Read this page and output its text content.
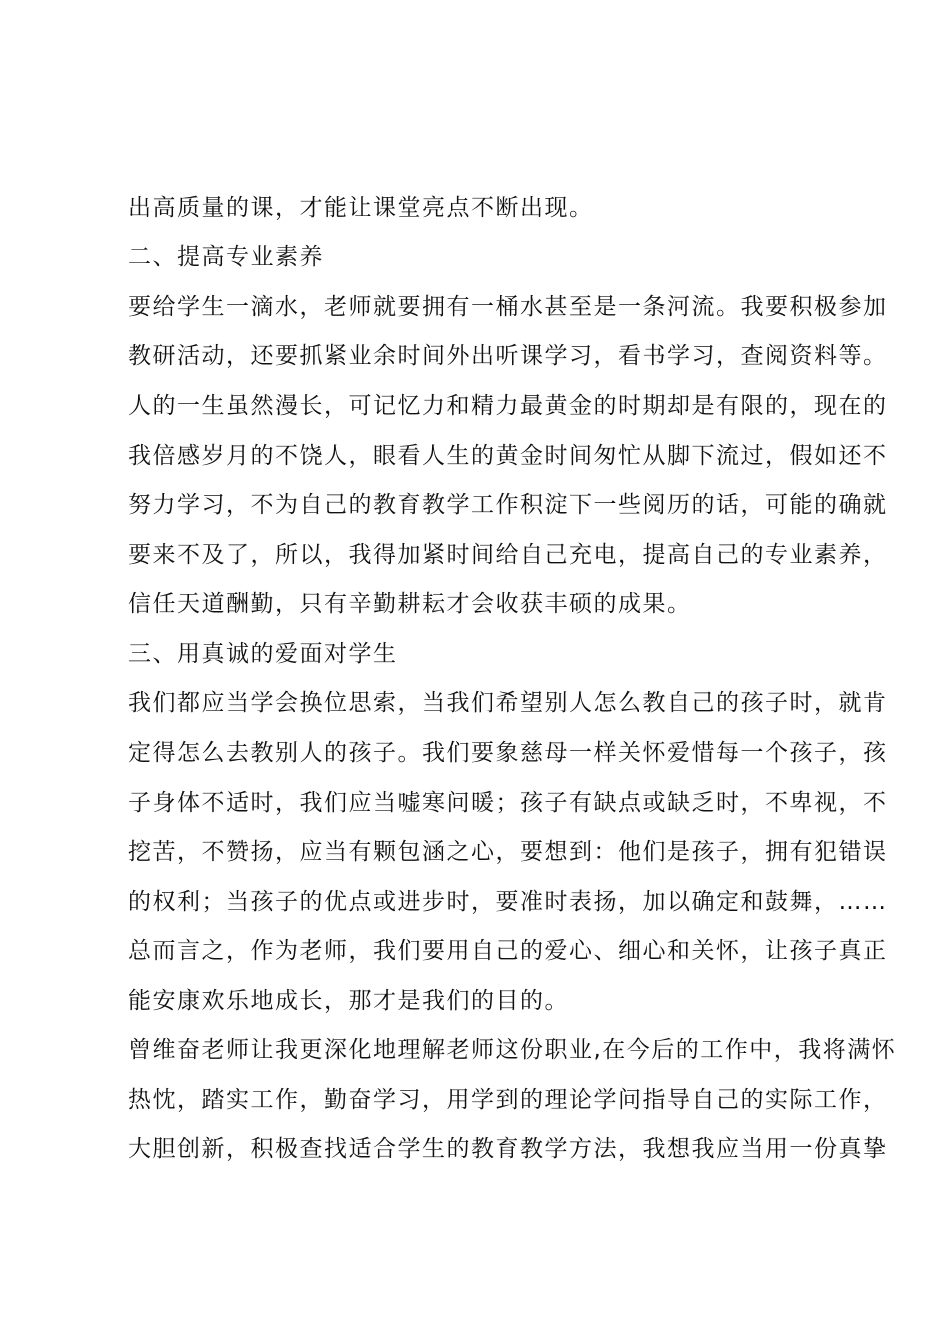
出高质量的课，才能让课堂亮点不断出现。
二、提高专业素养
要给学生一滴水，老师就要拥有一桶水甚至是一条河流。我要积极参加
教研活动，还要抓紧业余时间外出听课学习，看书学习，查阅资料等。
人的一生虽然漫长，可记忆力和精力最黄金的时期却是有限的，现在的
我倍感岁月的不饶人，眼看人生的黄金时间匆忙从脚下流过，假如还不
努力学习，不为自己的教育教学工作积淀下一些阅历的话，可能的确就
要来不及了，所以，我得加紧时间给自己充电，提高自己的专业素养，
信任天道酬勤，只有辛勤耕耘才会收获丰硕的成果。
三、用真诚的爱面对学生
我们都应当学会换位思索，当我们希望别人怎么教自己的孩子时，就肯
定得怎么去教别人的孩子。我们要象慈母一样关怀爱惜每一个孩子，孩
子身体不适时，我们应当嘘寒问暖；孩子有缺点或缺乏时，不卑视，不
挖苦，不赞扬，应当有颗包涵之心，要想到：他们是孩子，拥有犯错误
的权利；当孩子的优点或进步时，要准时表扬，加以确定和鼓舞，……
总而言之，作为老师，我们要用自己的爱心、细心和关怀，让孩子真正
能安康欢乐地成长，那才是我们的目的。
曾维奋老师让我更深化地理解老师这份职业,在今后的工作中，我将满怀
热忱，踏实工作，勤奋学习，用学到的理论学问指导自己的实际工作，
大胆创新，积极查找适合学生的教育教学方法，我想我应当用一份真挚
